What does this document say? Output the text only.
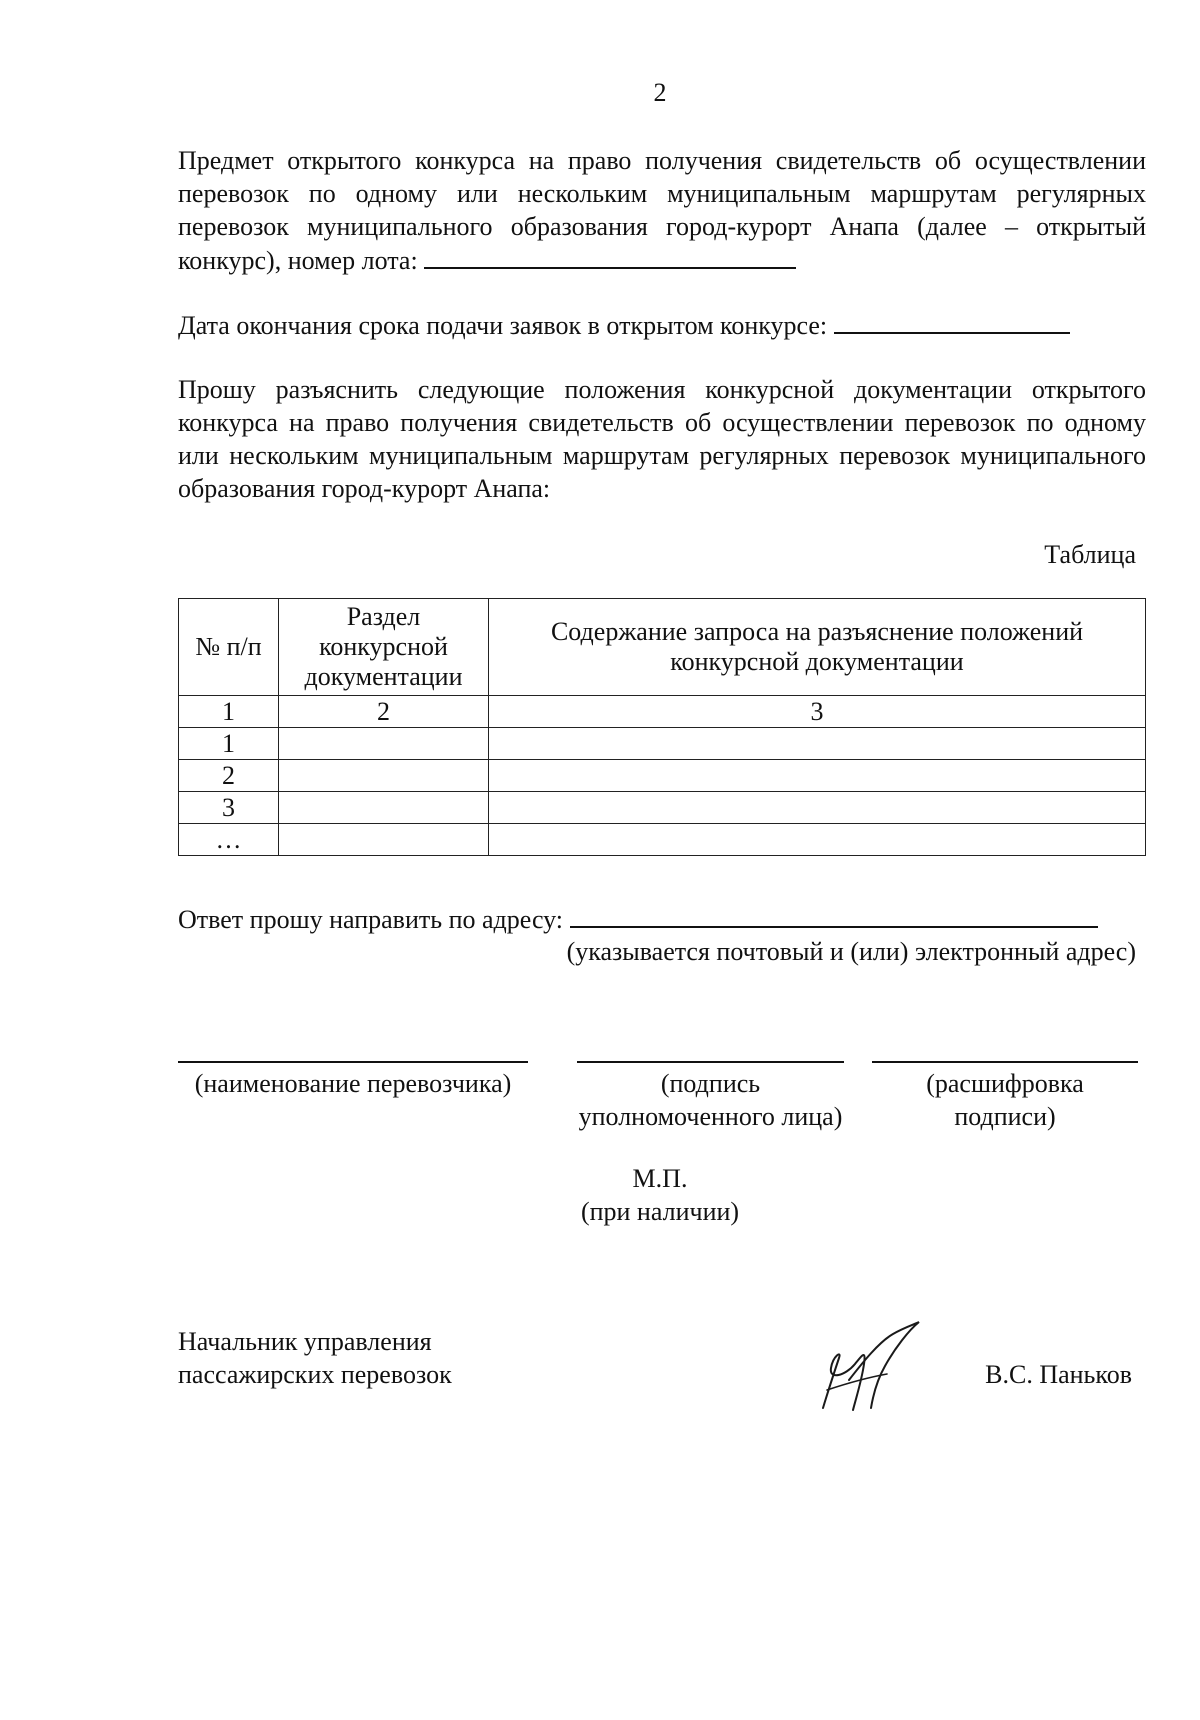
2
Предмет открытого конкурса на право получения свидетельств об осуществлении перевозок по одному или нескольким муниципальным маршрутам регулярных перевозок муниципального образования город-курорт Анапа (далее – открытый конкурс), номер лота:
Дата окончания срока подачи заявок в открытом конкурсе:
Прошу разъяснить следующие положения конкурсной документации открытого конкурса на право получения свидетельств об осуществлении перевозок по одному или нескольким муниципальным маршрутам регулярных перевозок муниципального образования город-курорт Анапа:
Таблица
№ п/п	Раздел конкурсной документации	Содержание запроса на разъяснение положений конкурсной документации
1	2	3
1		
2		
3		
…		
Ответ прошу направить по адресу:
(указывается почтовый и (или) электронный адрес)
(наименование перевозчика)	(подпись
уполномоченного лица)
(расшифровка
подписи)
М.П.
(при наличии)
Начальник управления
пассажирских перевозок	В.С. Паньков
